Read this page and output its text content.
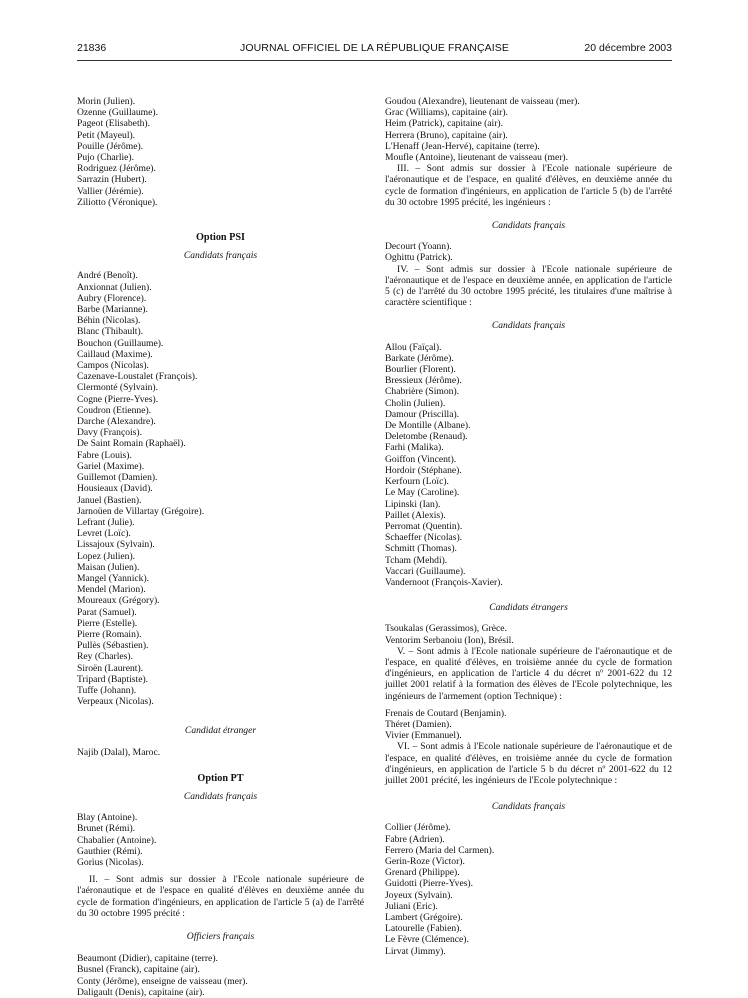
21836	JOURNAL OFFICIEL DE LA RÉPUBLIQUE FRANÇAISE	20 décembre 2003
Morin (Julien).
Ozenne (Guillaume).
Pageot (Elisabeth).
Petit (Mayeul).
Pouille (Jérôme).
Pujo (Charlie).
Rodriguez (Jérôme).
Sarrazin (Hubert).
Vallier (Jérémie).
Ziliotto (Véronique).
Option PSI
Candidats français
André (Benoît).
Anxionnat (Julien).
Aubry (Florence).
Barbe (Marianne).
Béhin (Nicolas).
Blanc (Thibault).
Bouchon (Guillaume).
Caillaud (Maxime).
Campos (Nicolas).
Cazenave-Loustalet (François).
Clermonté (Sylvain).
Cogne (Pierre-Yves).
Coudron (Etienne).
Darche (Alexandre).
Davy (François).
De Saint Romain (Raphaël).
Fabre (Louis).
Gariel (Maxime).
Guillemot (Damien).
Housieaux (David).
Januel (Bastien).
Jarnoüen de Villartay (Grégoire).
Lefrant (Julie).
Levret (Loïc).
Lissajoux (Sylvain).
Lopez (Julien).
Maisan (Julien).
Mangel (Yannick).
Mendel (Marion).
Moureaux (Grégory).
Parat (Samuel).
Pierre (Estelle).
Pierre (Romain).
Pullès (Sébastien).
Rey (Charles).
Siroën (Laurent).
Tripard (Baptiste).
Tuffe (Johann).
Verpeaux (Nicolas).
Candidat étranger
Najib (Dalal), Maroc.
Option PT
Candidats français
Blay (Antoine).
Brunet (Rémi).
Chabalier (Antoine).
Gauthier (Rémi).
Gorius (Nicolas).
II. – Sont admis sur dossier à l'Ecole nationale supérieure de l'aéronautique et de l'espace en qualité d'élèves en deuxième année du cycle de formation d'ingénieurs, en application de l'article 5 (a) de l'arrêté du 30 octobre 1995 précité :
Officiers français
Beaumont (Didier), capitaine (terre).
Busnel (Franck), capitaine (air).
Conty (Jérôme), enseigne de vaisseau (mer).
Daligault (Denis), capitaine (air).
Goudou (Alexandre), lieutenant de vaisseau (mer).
Grac (Williams), capitaine (air).
Heim (Patrick), capitaine (air).
Herrera (Bruno), capitaine (air).
L'Henaff (Jean-Hervé), capitaine (terre).
Moufle (Antoine), lieutenant de vaisseau (mer).
III. – Sont admis sur dossier à l'Ecole nationale supérieure de l'aéronautique et de l'espace, en qualité d'élèves, en deuxième année du cycle de formation d'ingénieurs, en application de l'article 5 (b) de l'arrêté du 30 octobre 1995 précité, les ingénieurs :
Candidats français
Decourt (Yoann).
Oghittu (Patrick).
IV. – Sont admis sur dossier à l'Ecole nationale supérieure de l'aéronautique et de l'espace en deuxième année, en application de l'article 5 (c) de l'arrêté du 30 octobre 1995 précité, les titulaires d'une maîtrise à caractère scientifique :
Candidats français
Allou (Faïçal).
Barkate (Jérôme).
Bourlier (Florent).
Bressieux (Jérôme).
Chabrière (Simon).
Cholin (Julien).
Damour (Priscilla).
De Montille (Albane).
Deletombe (Renaud).
Farhi (Malika).
Goiffon (Vincent).
Hordoir (Stéphane).
Kerfourn (Loïc).
Le May (Caroline).
Lipinski (Ian).
Paillet (Alexis).
Perromat (Quentin).
Schaeffer (Nicolas).
Schmitt (Thomas).
Tcham (Mehdi).
Vaccari (Guillaume).
Vandernoot (François-Xavier).
Candidats étrangers
Tsoukalas (Gerassimos), Grèce.
Ventorim Serbanoiu (Ion), Brésil.
V. – Sont admis à l'Ecole nationale supérieure de l'aéronautique et de l'espace, en qualité d'élèves, en troisième année du cycle de formation d'ingénieurs, en application de l'article 4 du décret nº 2001-622 du 12 juillet 2001 relatif à la formation des élèves de l'Ecole polytechnique, les ingénieurs de l'armement (option Technique) :
Frenais de Coutard (Benjamin).
Théret (Damien).
Vivier (Emmanuel).
VI. – Sont admis à l'Ecole nationale supérieure de l'aéronautique et de l'espace, en qualité d'élèves, en troisième année du cycle de formation d'ingénieurs, en application de l'article 5 b du décret nº 2001-622 du 12 juillet 2001 précité, les ingénieurs de l'Ecole polytechnique :
Candidats français
Collier (Jérôme).
Fabre (Adrien).
Ferrero (Maria del Carmen).
Gerin-Roze (Victor).
Grenard (Philippe).
Guidotti (Pierre-Yves).
Joyeux (Sylvain).
Juliani (Eric).
Lambert (Grégoire).
Latourelle (Fabien).
Le Fèvre (Clémence).
Lirvat (Jimmy).
